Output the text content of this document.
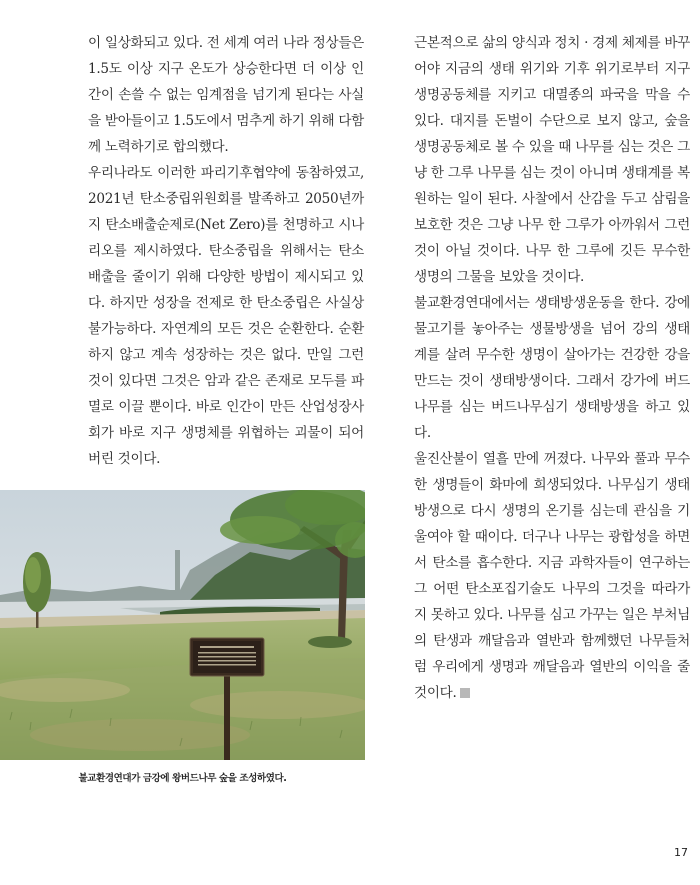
이 일상화되고 있다. 전 세계 여러 나라 정상들은 1.5도 이상 지구 온도가 상승한다면 더 이상 인간이 손쓸 수 없는 임계점을 넘기게 된다는 사실을 받아들이고 1.5도에서 멈추게 하기 위해 다함께 노력하기로 합의했다.

우리나라도 이러한 파리기후협약에 동참하였고, 2021년 탄소중립위원회를 발족하고 2050년까지 탄소배출순제로(Net Zero)를 천명하고 시나리오를 제시하였다. 탄소중립을 위해서는 탄소배출을 줄이기 위해 다양한 방법이 제시되고 있다. 하지만 성장을 전제로 한 탄소중립은 사실상 불가능하다. 자연계의 모든 것은 순환한다. 순환하지 않고 계속 성장하는 것은 없다. 만일 그런 것이 있다면 그것은 암과 같은 존재로 모두를 파멸로 이끌 뿐이다. 바로 인간이 만든 산업성장사회가 바로 지구 생명체를 위협하는 괴물이 되어 버린 것이다.

근본적으로 삶의 양식과 정치 · 경제 체제를 바꾸어야 지금의 생태 위기와 기후 위기로부터 지구생명공동체를 지키고 대멸종의 파국을 막을 수 있다. 대지를 돈벌이 수단으로 보지 않고, 숲을 생명공동체로 볼 수 있을 때 나무를 심는 것은 그냥 한 그루 나무를 심는 것이 아니며 생태계를 복원하는 일이 된다. 사찰에서 산감을 두고 삼림을 보호한 것은 그냥 나무 한 그루가 아까워서 그런 것이 아닐 것이다. 나무 한 그루에 깃든 무수한 생명의 그물을 보았을 것이다.

불교환경연대에서는 생태방생운동을 한다. 강에 물고기를 놓아주는 생물방생을 넘어 강의 생태계를 살려 무수한 생명이 살아가는 건강한 강을 만드는 것이 생태방생이다. 그래서 강가에 버드나무를 심는 버드나무심기 생태방생을 하고 있다.

울진산불이 열흘 만에 꺼졌다. 나무와 풀과 무수한 생명들이 화마에 희생되었다. 나무심기 생태방생으로 다시 생명의 온기를 심는데 관심을 기울여야 할 때이다. 더구나 나무는 광합성을 하면서 탄소를 흡수한다. 지금 과학자들이 연구하는 그 어떤 탄소포집기술도 나무의 그것을 따라가지 못하고 있다. 나무를 심고 가꾸는 일은 부처님의 탄생과 깨달음과 열반과 함께했던 나무들처럼 우리에게 생명과 깨달음과 열반의 이익을 줄 것이다.

불교환경연대가 금강에 왕버드나무 숲을 조성하였다.
17
